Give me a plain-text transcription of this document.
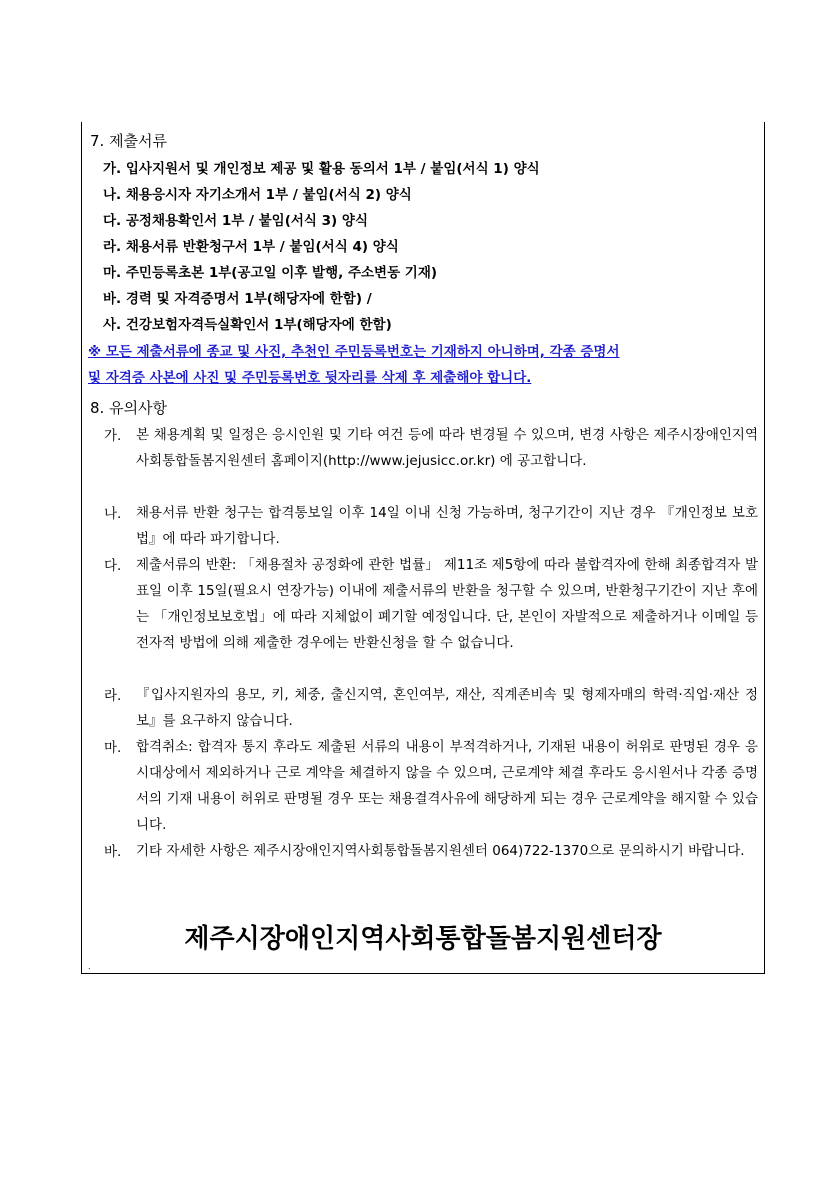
7. 제출서류
가. 입사지원서 및 개인정보 제공 및 활용 동의서 1부 / 붙임(서식 1) 양식
나. 채용응시자 자기소개서 1부 / 붙임(서식 2) 양식
다. 공정채용확인서 1부 / 붙임(서식 3) 양식
라. 채용서류 반환청구서 1부 / 붙임(서식 4) 양식
마. 주민등록초본 1부(공고일 이후 발행, 주소변동 기재)
바. 경력 및 자격증명서 1부(해당자에 한함) /
사. 건강보험자격득실확인서 1부(해당자에 한함)
※ 모든 제출서류에 종교 및 사진, 추천인 주민등록번호는 기재하지 아니하며, 각종 증명서
및 자격증 사본에 사진 및 주민등록번호 뒷자리를 삭제 후 제출해야 합니다.
8. 유의사항
가. 본 채용계획 및 일정은 응시인원 및 기타 여건 등에 따라 변경될 수 있으며, 변경 사항은 제주시장애인지역사회통합돌봄지원센터 홈페이지(http://www.jejusicc.or.kr) 에 공고합니다.
나. 채용서류 반환 청구는 합격통보일 이후 14일 이내 신청 가능하며, 청구기간이 지난 경우 『개인정보 보호법』에 따라 파기합니다.
다. 제출서류의 반환: 「채용절차 공정화에 관한 법률」 제11조 제5항에 따라 불합격자에 한해 최종합격자 발표일 이후 15일(필요시 연장가능) 이내에 제출서류의 반환을 청구할 수 있으며, 반환청구기간이 지난 후에는 「개인정보보호법」에 따라 지체없이 폐기할 예정입니다. 단, 본인이 자발적으로 제출하거나 이메일 등 전자적 방법에 의해 제출한 경우에는 반환신청을 할 수 없습니다.
라. 『입사지원자의 용모, 키, 체중, 출신지역, 혼인여부, 재산, 직계존비속 및 형제자매의 학력·직업·재산 정보』를 요구하지 않습니다.
마. 합격취소: 합격자 통지 후라도 제출된 서류의 내용이 부적격하거나, 기재된 내용이 허위로 판명된 경우 응시대상에서 제외하거나 근로 계약을 체결하지 않을 수 있으며, 근로계약 체결 후라도 응시원서나 각종 증명서의 기재 내용이 허위로 판명될 경우 또는 채용결격사유에 해당하게 되는 경우 근로계약을 해지할 수 있습니다.
바. 기타 자세한 사항은 제주시장애인지역사회통합돌봄지원센터 064)722-1370으로 문의하시기 바랍니다.
제주시장애인지역사회통합돌봄지원센터장
.
